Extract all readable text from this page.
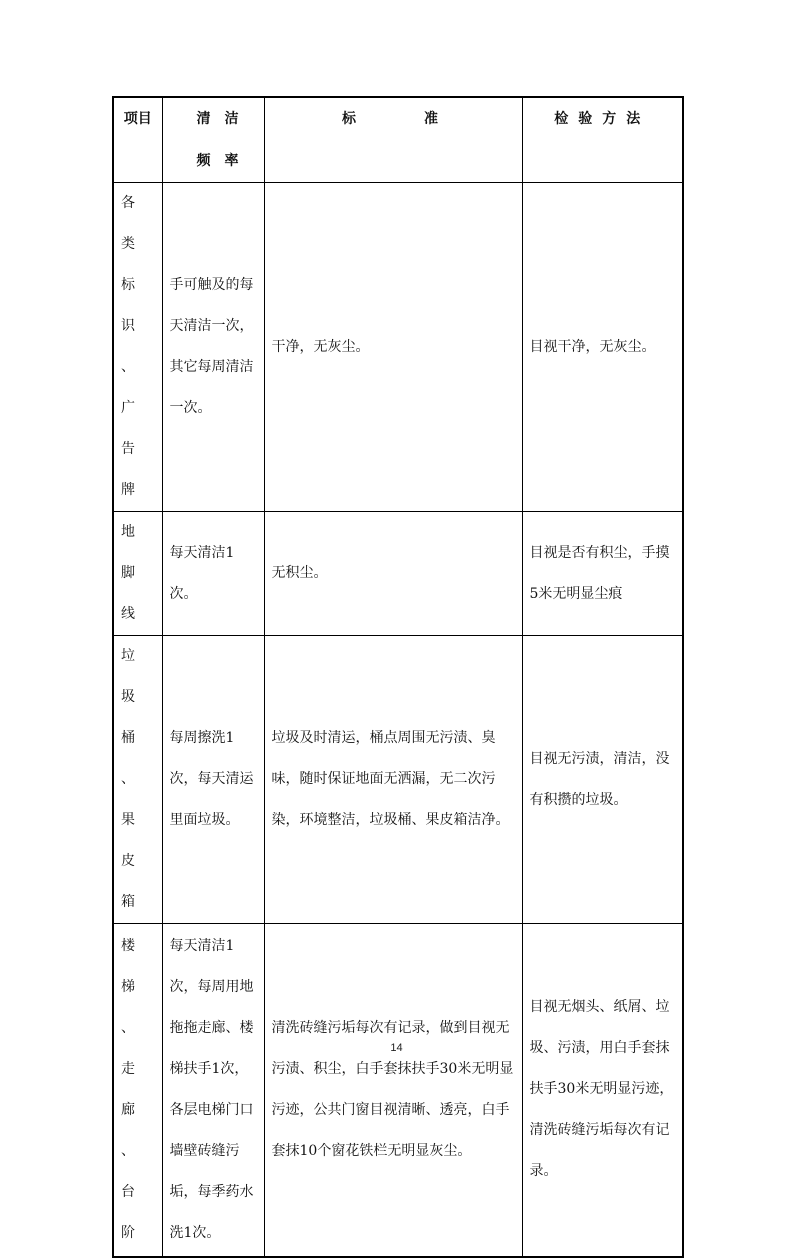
项目	清洁频率	标 准	检验方法
各类标识、广告牌	手可触及的每天清洁一次，其它每周清洁一次。	干净，无灰尘。	目视干净，无灰尘。
地脚线	每天清洁1次。	无积尘。	目视是否有积尘，手摸5米无明显尘痕
垃圾桶、果皮箱	每周擦洗1次，每天清运里面垃圾。	垃圾及时清运，桶点周围无污渍、臭味，随时保证地面无洒漏，无二次污染，环境整洁，垃圾桶、果皮箱洁净。	目视无污渍，清洁，没有积攒的垃圾。
楼梯、走廊、台阶	每天清洁1次，每周用地拖拖走廊、楼梯扶手1次，各层电梯门口墙壁砖缝污垢，每季药水洗1次。	清洗砖缝污垢每次有记录，做到目视无污渍、积尘，白手套抹扶手30米无明显污迹，公共门窗目视清晰、透亮，白手套抹10个窗花铁栏无明显灰尘。	目视无烟头、纸屑、垃圾、污渍，用白手套抹扶手30米无明显污迹，清洗砖缝污垢每次有记录。
14
